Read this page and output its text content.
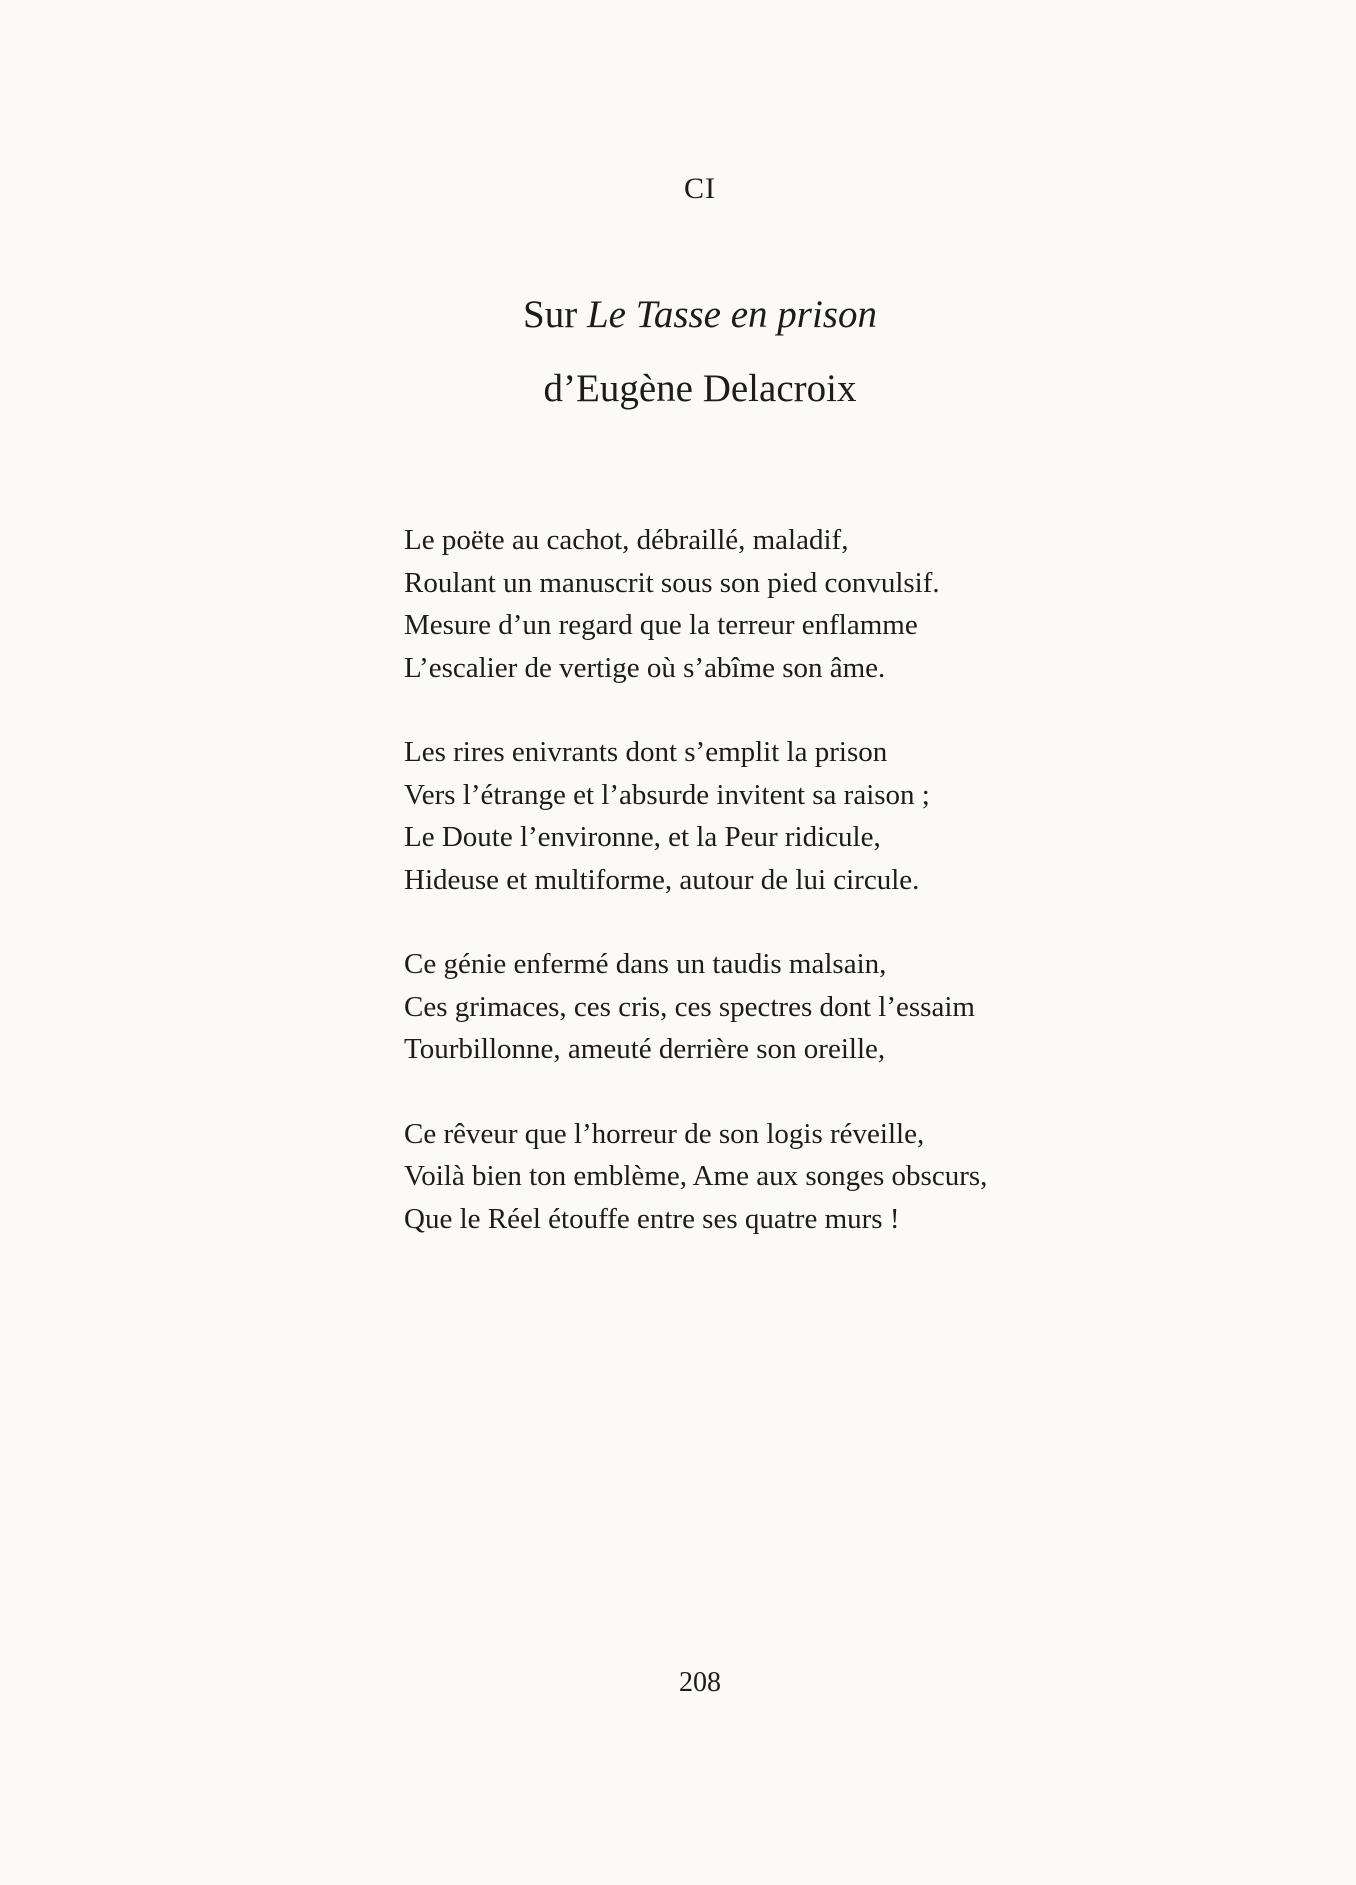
CI
Sur Le Tasse en prison
d’Eugène Delacroix

Le poëte au cachot, débraillé, maladif,
Roulant un manuscrit sous son pied convulsif.
Mesure d’un regard que la terreur enflamme
L’escalier de vertige où s’abîme son âme.

Les rires enivrants dont s’emplit la prison
Vers l’étrange et l’absurde invitent sa raison ;
Le Doute l’environne, et la Peur ridicule,
Hideuse et multiforme, autour de lui circule.

Ce génie enfermé dans un taudis malsain,
Ces grimaces, ces cris, ces spectres dont l’essaim
Tourbillonne, ameuté derrière son oreille,

Ce rêveur que l’horreur de son logis réveille,
Voilà bien ton emblème, Ame aux songes obscurs,
Que le Réel étouffe entre ses quatre murs !

208
